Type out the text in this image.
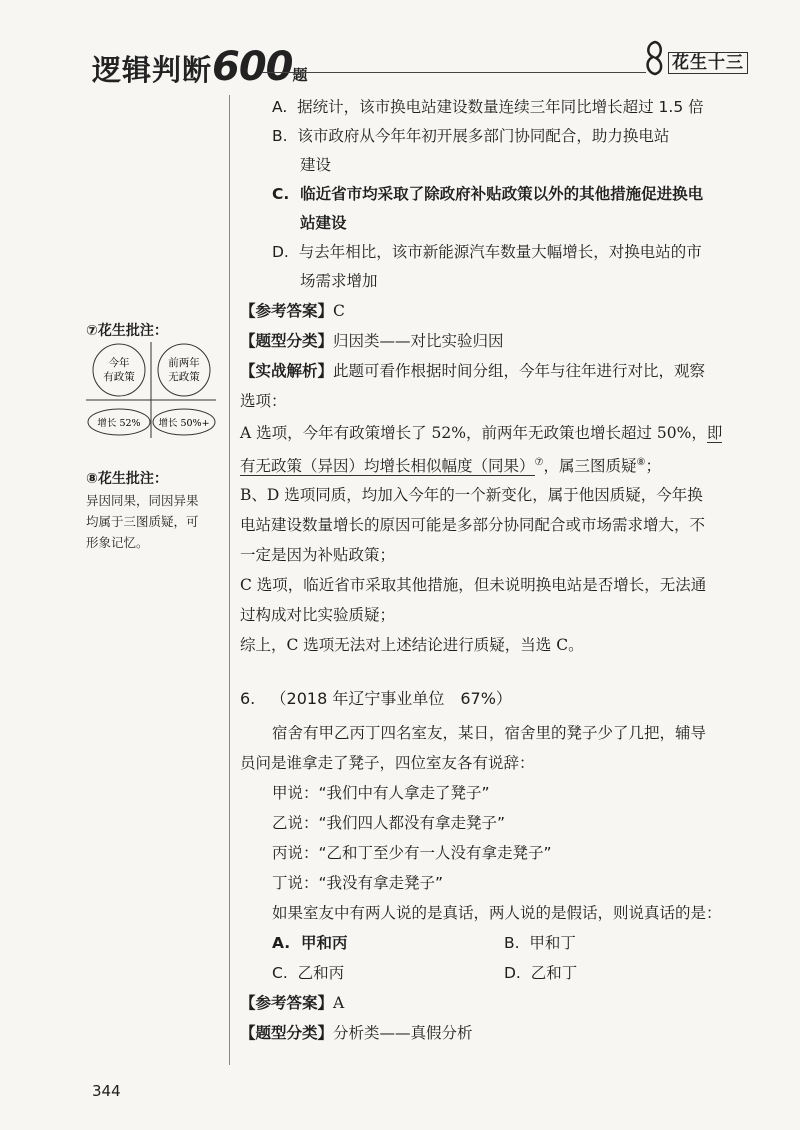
逻辑判断600题
花生十三
A. 据统计，该市换电站建设数量连续三年同比增长超过 1.5 倍
B. 该市政府从今年年初开展多部门协同配合，助力换电站
建设
C. 临近省市均采取了除政府补贴政策以外的其他措施促进换电
站建设
D. 与去年相比，该市新能源汽车数量大幅增长，对换电站的市
场需求增加
【参考答案】C
【题型分类】归因类——对比实验归因
【实战解析】此题可看作根据时间分组，今年与往年进行对比，观察
选项：
A 选项，今年有政策增长了 52%，前两年无政策也增长超过 50%，即
有无政策（异因）均增长相似幅度（同果）⑦，属三图质疑⑧；
B、D 选项同质，均加入今年的一个新变化，属于他因质疑，今年换
电站建设数量增长的原因可能是多部分协同配合或市场需求增大，不
一定是因为补贴政策；
C 选项，临近省市采取其他措施，但未说明换电站是否增长，无法通
过构成对比实验质疑；
综上，C 选项无法对上述结论进行质疑，当选 C。
⑦花生批注：
今年
有政策
前两年
无政策
增长 52% 增长 50%+
⑧花生批注：
异因同果，同因异果
均属于三图质疑，可
形象记忆。
6. （2018 年辽宁事业单位　67%）
宿舍有甲乙丙丁四名室友，某日，宿舍里的凳子少了几把，辅导
员问是谁拿走了凳子，四位室友各有说辞：
甲说：“我们中有人拿走了凳子”
乙说：“我们四人都没有拿走凳子”
丙说：“乙和丁至少有一人没有拿走凳子”
丁说：“我没有拿走凳子”
如果室友中有两人说的是真话，两人说的是假话，则说真话的是：
A. 甲和丙	B. 甲和丁
C. 乙和丙	D. 乙和丁
【参考答案】A
【题型分类】分析类——真假分析
344
